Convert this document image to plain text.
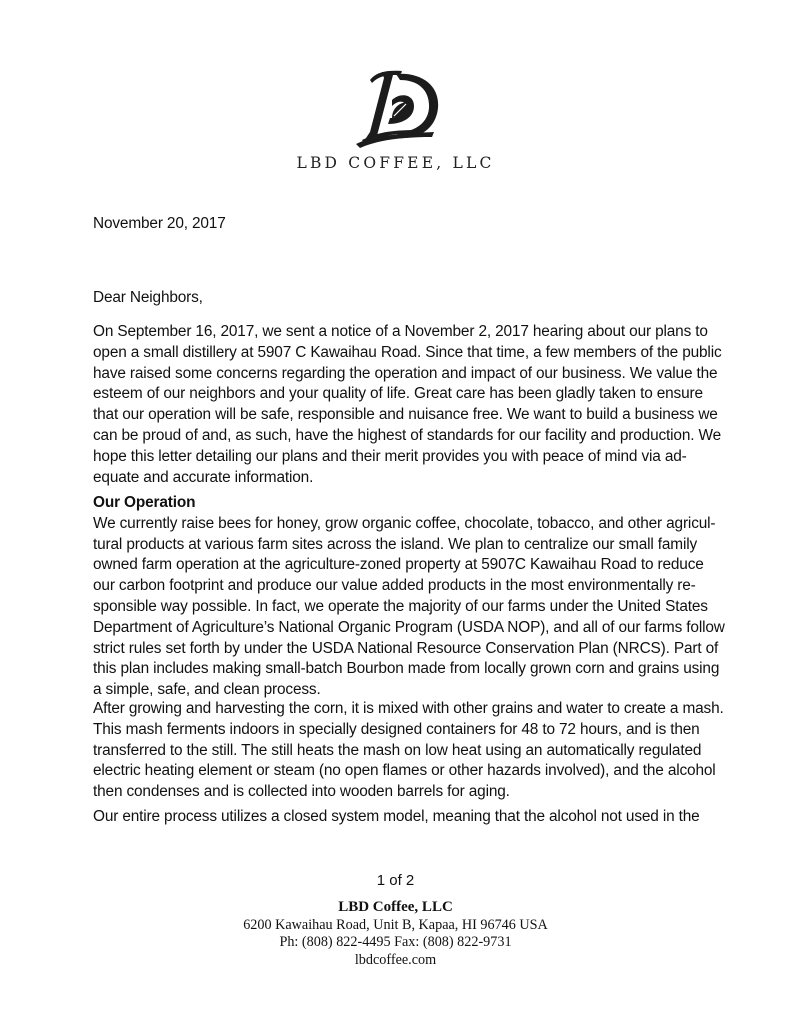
LBD COFFEE, LLC
November 20, 2017
Dear Neighbors,
On September 16, 2017, we sent a notice of a November 2, 2017 hearing about our plans to
open a small distillery at 5907 C Kawaihau Road. Since that time, a few members of the public
have raised some concerns regarding the operation and impact of our business. We value the
esteem of our neighbors and your quality of life. Great care has been gladly taken to ensure
that our operation will be safe, responsible and nuisance free. We want to build a business we
can be proud of and, as such, have the highest of standards for our facility and production. We
hope this letter detailing our plans and their merit provides you with peace of mind via ad-
equate and accurate information.
Our Operation
We currently raise bees for honey, grow organic coffee, chocolate, tobacco, and other agricul-
tural products at various farm sites across the island. We plan to centralize our small family
owned farm operation at the agriculture-zoned property at 5907C Kawaihau Road to reduce
our carbon footprint and produce our value added products in the most environmentally re-
sponsible way possible. In fact, we operate the majority of our farms under the United States
Department of Agriculture’s National Organic Program (USDA NOP), and all of our farms follow
strict rules set forth by under the USDA National Resource Conservation Plan (NRCS). Part of
this plan includes making small-batch Bourbon made from locally grown corn and grains using
a simple, safe, and clean process.
After growing and harvesting the corn, it is mixed with other grains and water to create a mash.
This mash ferments indoors in specially designed containers for 48 to 72 hours, and is then
transferred to the still. The still heats the mash on low heat using an automatically regulated
electric heating element or steam (no open flames or other hazards involved), and the alcohol
then condenses and is collected into wooden barrels for aging.
Our entire process utilizes a closed system model, meaning that the alcohol not used in the
1 of 2
LBD Coffee, LLC
6200 Kawaihau Road, Unit B, Kapaa, HI 96746 USA
Ph: (808) 822-4495 Fax: (808) 822-9731
lbdcoffee.com
